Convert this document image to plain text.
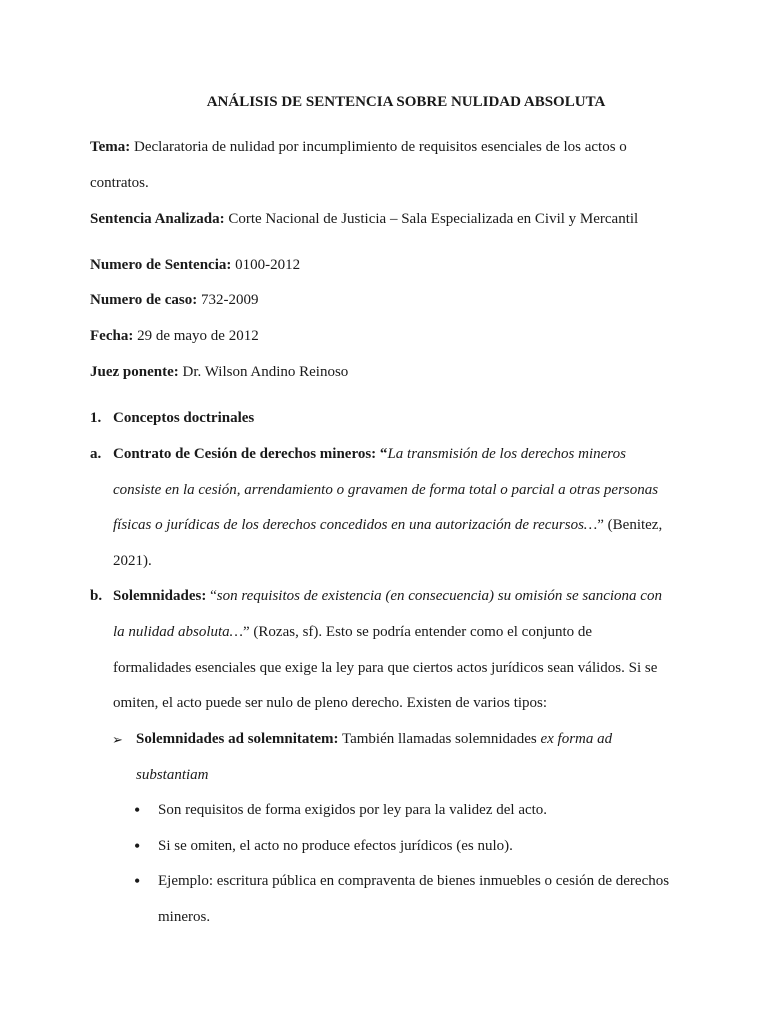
ANÁLISIS DE SENTENCIA SOBRE NULIDAD ABSOLUTA
Tema: Declaratoria de nulidad por incumplimiento de requisitos esenciales de los actos o
contratos.
Sentencia Analizada: Corte Nacional de Justicia – Sala Especializada en Civil y Mercantil
Numero de Sentencia: 0100-2012
Numero de caso: 732-2009
Fecha: 29 de mayo de 2012
Juez ponente: Dr. Wilson Andino Reinoso
1. Conceptos doctrinales
a. Contrato de Cesión de derechos mineros: “La transmisión de los derechos mineros
consiste en la cesión, arrendamiento o gravamen de forma total o parcial a otras personas
físicas o jurídicas de los derechos concedidos en una autorización de recursos…” (Benitez,
2021).
b. Solemnidades: “son requisitos de existencia (en consecuencia) su omisión se sanciona con
la nulidad absoluta…” (Rozas, sf). Esto se podría entender como el conjunto de
formalidades esenciales que exige la ley para que ciertos actos jurídicos sean válidos. Si se
omiten, el acto puede ser nulo de pleno derecho. Existen de varios tipos:
➢ Solemnidades ad solemnitatem: También llamadas solemnidades ex forma ad
substantiam
• Son requisitos de forma exigidos por ley para la validez del acto.
• Si se omiten, el acto no produce efectos jurídicos (es nulo).
• Ejemplo: escritura pública en compraventa de bienes inmuebles o cesión de derechos
mineros.
